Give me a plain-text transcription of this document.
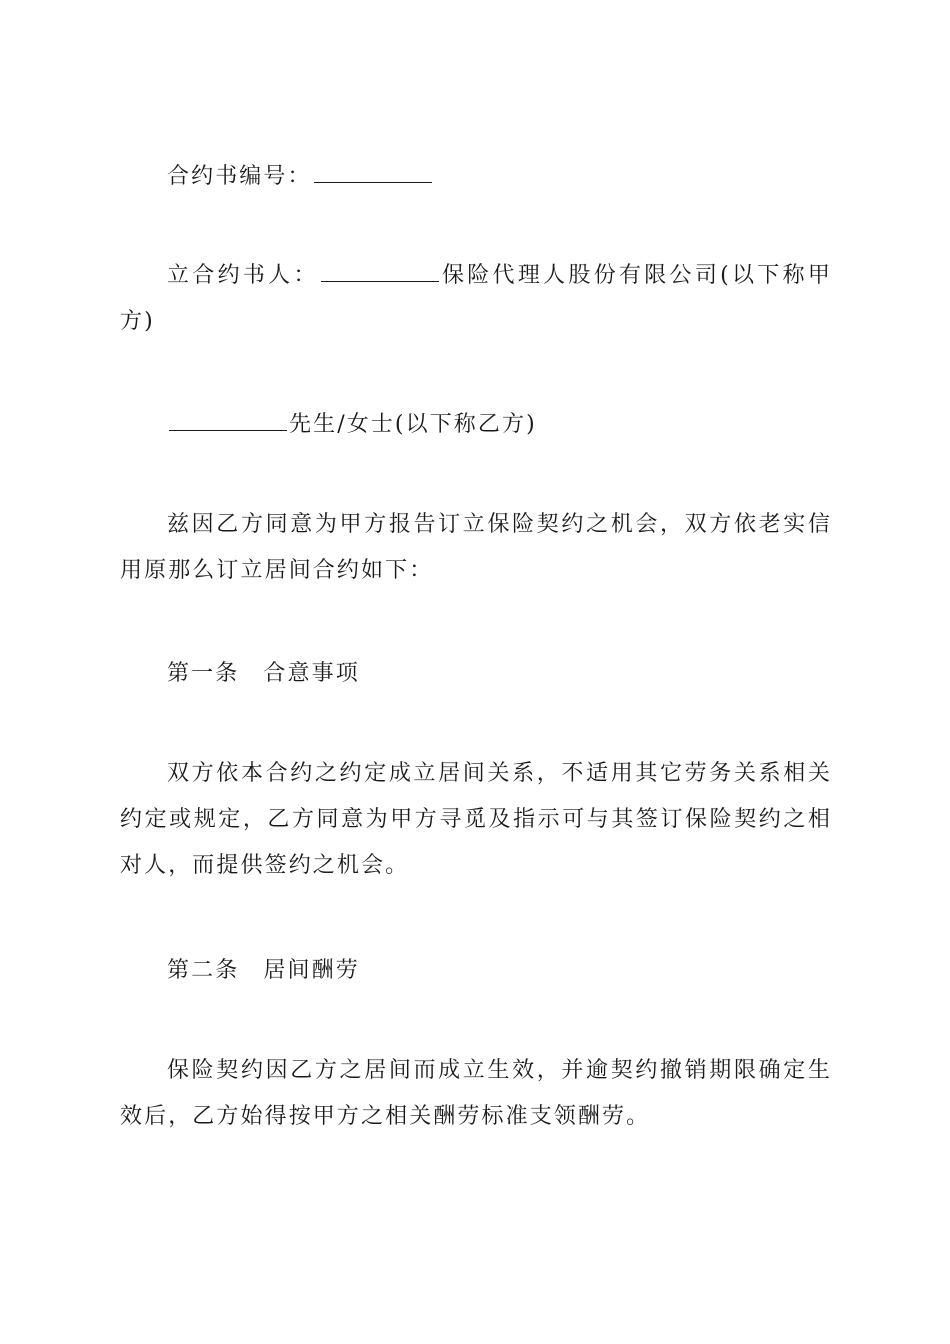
合约书编号：

立合约书人：	保险代理人股份有限公司(以下称甲方)

先生/女士(以下称乙方)

兹因乙方同意为甲方报告订立保险契约之机会，双方依老实信用原那么订立居间合约如下：

第一条　合意事项

双方依本合约之约定成立居间关系，不适用其它劳务关系相关约定或规定，乙方同意为甲方寻觅及指示可与其签订保险契约之相对人，而提供签约之机会。

第二条　居间酬劳

保险契约因乙方之居间而成立生效，并逾契约撤销期限确定生效后，乙方始得按甲方之相关酬劳标准支领酬劳。
